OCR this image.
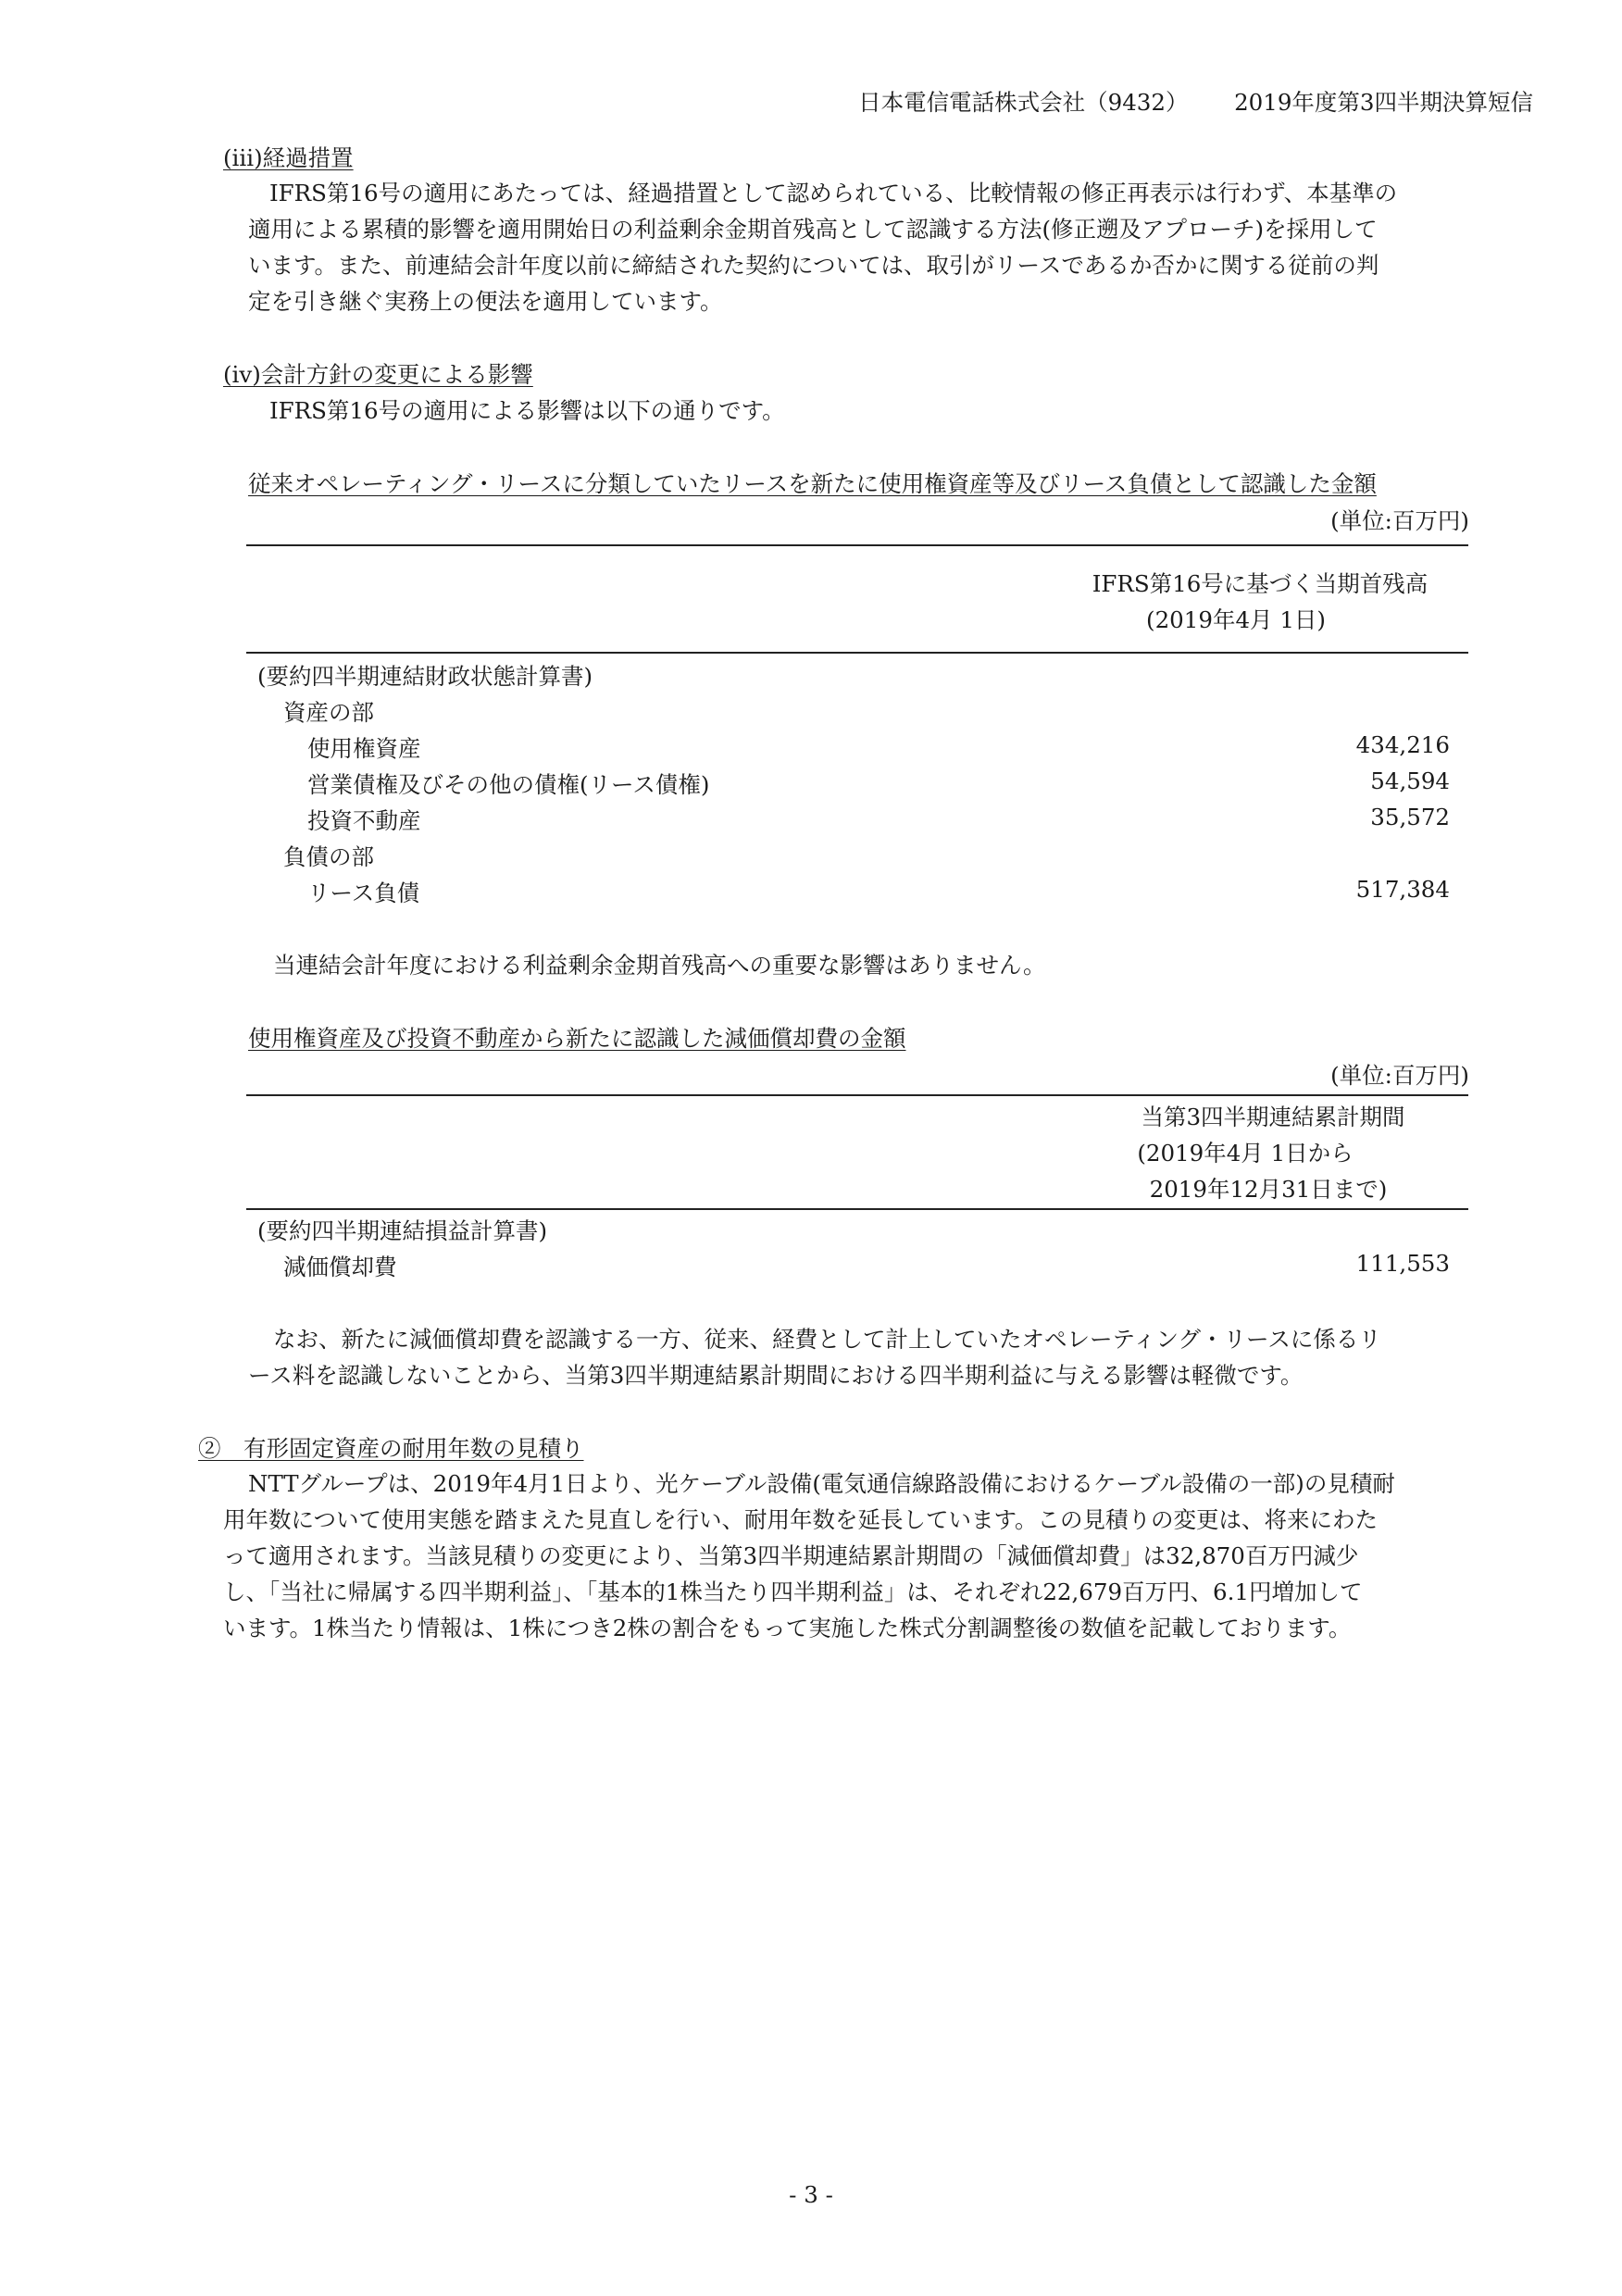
日本電信電話株式会社（9432） 2019年度第3四半期決算短信
(iii)経過措置
IFRS第16号の適用にあたっては、経過措置として認められている、比較情報の修正再表示は行わず、本基準の
適用による累積的影響を適用開始日の利益剰余金期首残高として認識する方法(修正遡及アプローチ)を採用して
います。また、前連結会計年度以前に締結された契約については、取引がリースであるか否かに関する従前の判
定を引き継ぐ実務上の便法を適用しています。
(iv)会計方針の変更による影響
IFRS第16号の適用による影響は以下の通りです。
従来オペレーティング・リースに分類していたリースを新たに使用権資産等及びリース負債として認識した金額
(単位:百万円)
IFRS第16号に基づく当期首残高
(2019年4月 1日)
(要約四半期連結財政状態計算書)
資産の部
使用権資産	434,216
営業債権及びその他の債権(リース債権)	54,594
投資不動産	35,572
負債の部
リース負債	517,384
当連結会計年度における利益剰余金期首残高への重要な影響はありません。
使用権資産及び投資不動産から新たに認識した減価償却費の金額
(単位:百万円)
当第3四半期連結累計期間
(2019年4月 1日から
2019年12月31日まで)
(要約四半期連結損益計算書)
減価償却費	111,553
なお、新たに減価償却費を認識する一方、従来、経費として計上していたオペレーティング・リースに係るリ
ース料を認識しないことから、当第3四半期連結累計期間における四半期利益に与える影響は軽微です。
②　有形固定資産の耐用年数の見積り
NTTグループは、2019年4月1日より、光ケーブル設備(電気通信線路設備におけるケーブル設備の一部)の見積耐
用年数について使用実態を踏まえた見直しを行い、耐用年数を延長しています。この見積りの変更は、将来にわた
って適用されます。当該見積りの変更により、当第3四半期連結累計期間の「減価償却費」は32,870百万円減少
し、「当社に帰属する四半期利益」、「基本的1株当たり四半期利益」は、それぞれ22,679百万円、6.1円増加して
います。1株当たり情報は、1株につき2株の割合をもって実施した株式分割調整後の数値を記載しております。
- 3 -
